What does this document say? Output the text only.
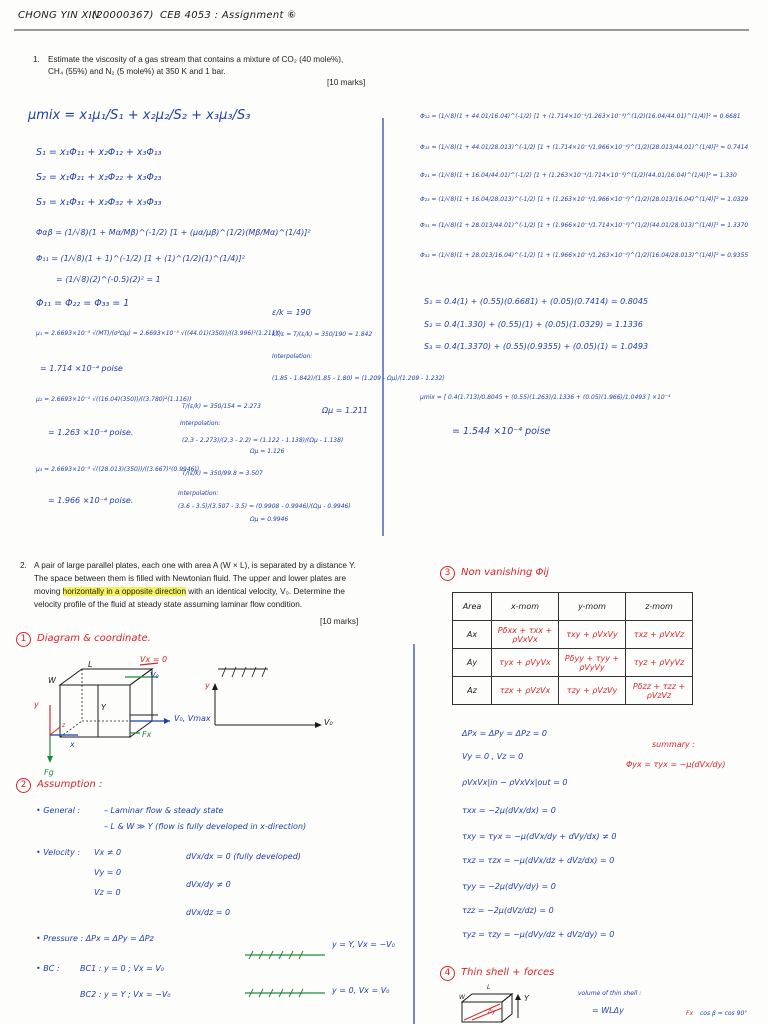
CHONG YIN XIN
(20000367) CEB 4053 : Assignment ⑥
1. Estimate the viscosity of a gas stream that contains a mixture of CO₂ (40 mole%),
CH₄ (55%) and N₂ (5 mole%) at 350 K and 1 bar.
[10 marks]
μmix = x₁μ₁/S₁ + x₂μ₂/S₂ + x₃μ₃/S₃
S₁ = x₁Φ₁₁ + x₂Φ₁₂ + x₃Φ₁₃
S₂ = x₁Φ₂₁ + x₂Φ₂₂ + x₃Φ₂₃
S₃ = x₁Φ₃₁ + x₂Φ₃₂ + x₃Φ₃₃
Φαβ = (1/√8)(1 + Mα/Mβ)^(-1/2) [1 + (μα/μβ)^(1/2)(Mβ/Mα)^(1/4)]²
Φ₁₁ = (1/√8)(1 + 1)^(-1/2) [1 + (1)^(1/2)(1)^(1/4)]²
= (1/√8)(2)^(-0.5)(2)² = 1
Φ₁₁ = Φ₂₂ = Φ₃₃ = 1
μ₁ = 2.6693×10⁻⁵ √(MT)/(σ²Ωμ) = 2.6693×10⁻⁵ √((44.01)(350))/((3.996)²(1.211))
= 1.714 ×10⁻⁴ poise
ε/k = 190
kT/ε = T/(ε/k) = 350/190 = 1.842
Interpolation:
(1.85 - 1.842)/(1.85 - 1.80) = (1.209 - Ωμ)/(1.209 - 1.232)
Ωμ = 1.211
μ₂ = 2.6693×10⁻⁵ √((16.04)(350))/((3.780)²(1.116))
T/(ε/k) = 350/154 = 2.273
= 1.263 ×10⁻⁴ poise.
Interpolation:
(2.3 - 2.273)/(2.3 - 2.2) = (1.122 - 1.138)/(Ωμ - 1.138)
Ωμ = 1.126
μ₃ = 2.6693×10⁻⁵ √((28.013)(350))/((3.667)²(0.9946))
T/(ε/k) = 350/99.8 = 3.507
= 1.966 ×10⁻⁴ poise.
Interpolation:
(3.6 - 3.5)/(3.507 - 3.5) = (0.9908 - 0.9946)/(Ωμ - 0.9946)
Ωμ = 0.9946
Φ₁₂ = (1/√8)(1 + 44.01/16.04)^(-1/2) [1 + (1.714×10⁻⁴/1.263×10⁻⁴)^(1/2)(16.04/44.01)^(1/4)]² = 0.6681
Φ₁₃ = (1/√8)(1 + 44.01/28.013)^(-1/2) [1 + (1.714×10⁻⁴/1.966×10⁻⁴)^(1/2)(28.013/44.01)^(1/4)]² = 0.7414
Φ₂₁ = (1/√8)(1 + 16.04/44.01)^(-1/2) [1 + (1.263×10⁻⁴/1.714×10⁻⁴)^(1/2)(44.01/16.04)^(1/4)]² = 1.330
Φ₂₃ = (1/√8)(1 + 16.04/28.013)^(-1/2) [1 + (1.263×10⁻⁴/1.966×10⁻⁴)^(1/2)(28.013/16.04)^(1/4)]² = 1.0329
Φ₃₁ = (1/√8)(1 + 28.013/44.01)^(-1/2) [1 + (1.966×10⁻⁴/1.714×10⁻⁴)^(1/2)(44.01/28.013)^(1/4)]² = 1.3370
Φ₃₂ = (1/√8)(1 + 28.013/16.04)^(-1/2) [1 + (1.966×10⁻⁴/1.263×10⁻⁴)^(1/2)(16.04/28.013)^(1/4)]² = 0.9355
S₁ = 0.4(1) + (0.55)(0.6681) + (0.05)(0.7414) = 0.8045
S₂ = 0.4(1.330) + (0.55)(1) + (0.05)(1.0329) = 1.1336
S₃ = 0.4(1.3370) + (0.55)(0.9355) + (0.05)(1) = 1.0493
μmix = [ 0.4(1.713)/0.8045 + (0.55)(1.263)/1.1336 + (0.05)(1.966)/1.0493 ] ×10⁻⁴
= 1.544 ×10⁻⁴ poise
2. A pair of large parallel plates, each one with area A (W × L), is separated by a distance Y.
The space between them is filled with Newtonian fluid. The upper and lower plates are
moving horizontally in a opposite direction with an identical velocity, V₀. Determine the
velocity profile of the fluid at steady state assuming laminar flow condition.
[10 marks]
1 Diagram & coordinate.
Vx = 0
V₀
L
W
Y
y
z
x
Fx
Fg
V₀, Vmax	V₀
y
2 Assumption :
• General :	– Laminar flow & steady state
– L & W ≫ Y (flow is fully developed in x-direction)
• Velocity : Vx ≠ 0
Vy = 0
Vz = 0
dVx/dx = 0 (fully developed)
dVx/dy ≠ 0
dVx/dz = 0
• Pressure : ΔPx = ΔPy = ΔPz
• BC :	BC1 : y = 0 ; Vx = V₀
BC2 : y = Y ; Vx = −V₀
y = Y, Vx = −V₀
y = 0, Vx = V₀
3 Non vanishing Φij
Area	x-mom	y-mom	z-mom
Ax	Pδxx + τxx + ρVxVx	τxy + ρVxVy	τxz + ρVxVz
Ay	τyx + ρVyVx	Pδyy + τyy + ρVyVy	τyz + ρVyVz
Az	τzx + ρVzVx	τzy + ρVzVy	Pδzz + τzz + ρVzVz
ΔPx = ΔPy = ΔPz = 0
Vy = 0 , Vz = 0
ρVxVx|in − ρVxVx|out = 0
τxx = −2μ(dVx/dx) = 0
τxy = τyx = −μ(dVx/dy + dVy/dx) ≠ 0
τxz = τzx = −μ(dVx/dz + dVz/dx) = 0
τyy = −2μ(dVy/dy) = 0
τzz = −2μ(dVz/dz) = 0
τyz = τzy = −μ(dVy/dz + dVz/dy) = 0
summary :
Φyx = τyx = −μ(dVx/dy)
4 Thin shell + forces
L
W
Δy
Y
volume of thin shell :
= WLΔy	Fx cos β = cos 90°
